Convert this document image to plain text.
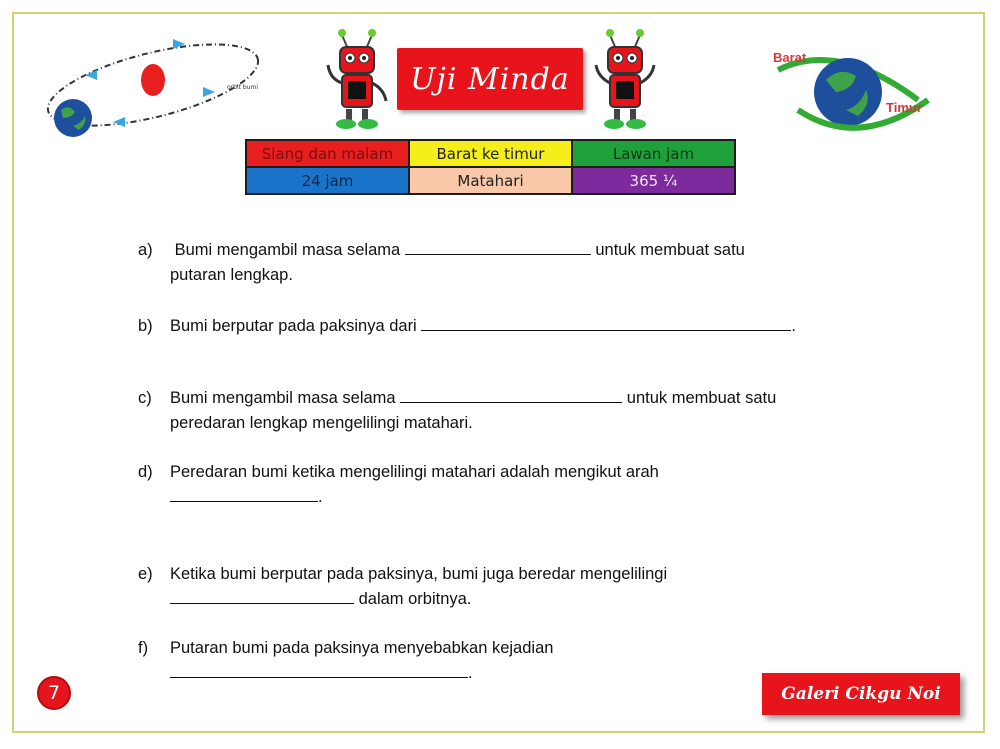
orbit bumi	Uji Minda
Barat
Timur
Siang dan malam	Barat ke timur	Lawan jam
24 jam	Matahari	365 ¼
a) Bumi mengambil masa selama	untuk membuat satu
putaran lengkap.
b) Bumi berputar pada paksinya dari	.
c) Bumi mengambil masa selama	untuk membuat satu
peredaran lengkap mengelilingi matahari.
d) Peredaran bumi ketika mengelilingi matahari adalah mengikut arah
.
e) Ketika bumi berputar pada paksinya, bumi juga beredar mengelilingi
dalam orbitnya.
f) Putaran bumi pada paksinya menyebabkan kejadian
.
7	Galeri Cikgu Noi
